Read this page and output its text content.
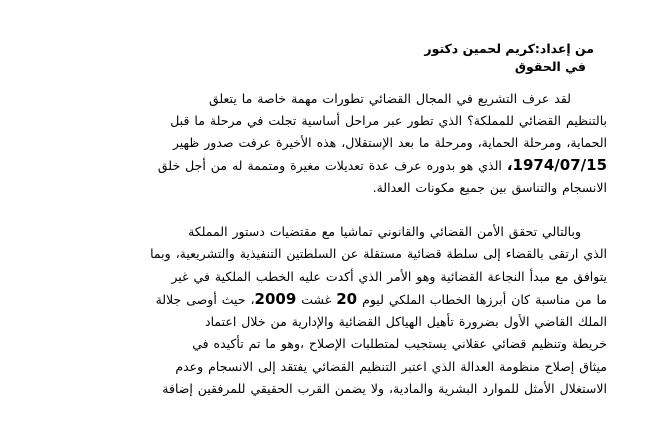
من إعداد:كريم لحمين دكتور
في الحقوق
لقد عرف التشريع في المجال القضائي تطورات مهمة خاصة ما يتعلق
بالتنظيم القضائي للمملكة؟ الذي تطور عبر مراحل أساسية تجلت في مرحلة ما قبل
الحماية، ومرحلة الحماية، ومرحلة ما بعد الإستقلال، هذه الأخيرة عرفت صدور ظهير
1974/07/15، الذي هو بدوره عرف عدة تعديلات مغيرة ومتممة له من أجل خلق
الانسجام والتناسق بين جميع مكونات العدالة.
وبالتالي تحقق الأمن القضائي والقانوني تماشيا مع مقتضيات دستور المملكة
الذي ارتقى بالقضاء إلى سلطة قضائية مستقلة عن السلطتين التنفيذية والتشريعية، وبما
يتوافق مع مبدأ النجاعة القضائية وهو الأمر الذي أكدت عليه الخطب الملكية في غير
ما من مناسبة كان أبرزها الخطاب الملكي ليوم 20 غشت 2009، حيث أوصى جلالة
الملك القاضي الأول بضرورة تأهيل الهياكل القضائية والإدارية من خلال اعتماد
خريطة وتنظيم قضائي عقلاني يستجيب لمتطلبات الإصلاح ،وهو ما تم تأكيده في
ميثاق إصلاح منظومة العدالة الذي اعتبر التنظيم القضائي يفتقد إلى الانسجام وعدم
الاستغلال الأمثل للموارد البشرية والمادية، ولا يضمن القرب الحقيقي للمرفقين إضافة
